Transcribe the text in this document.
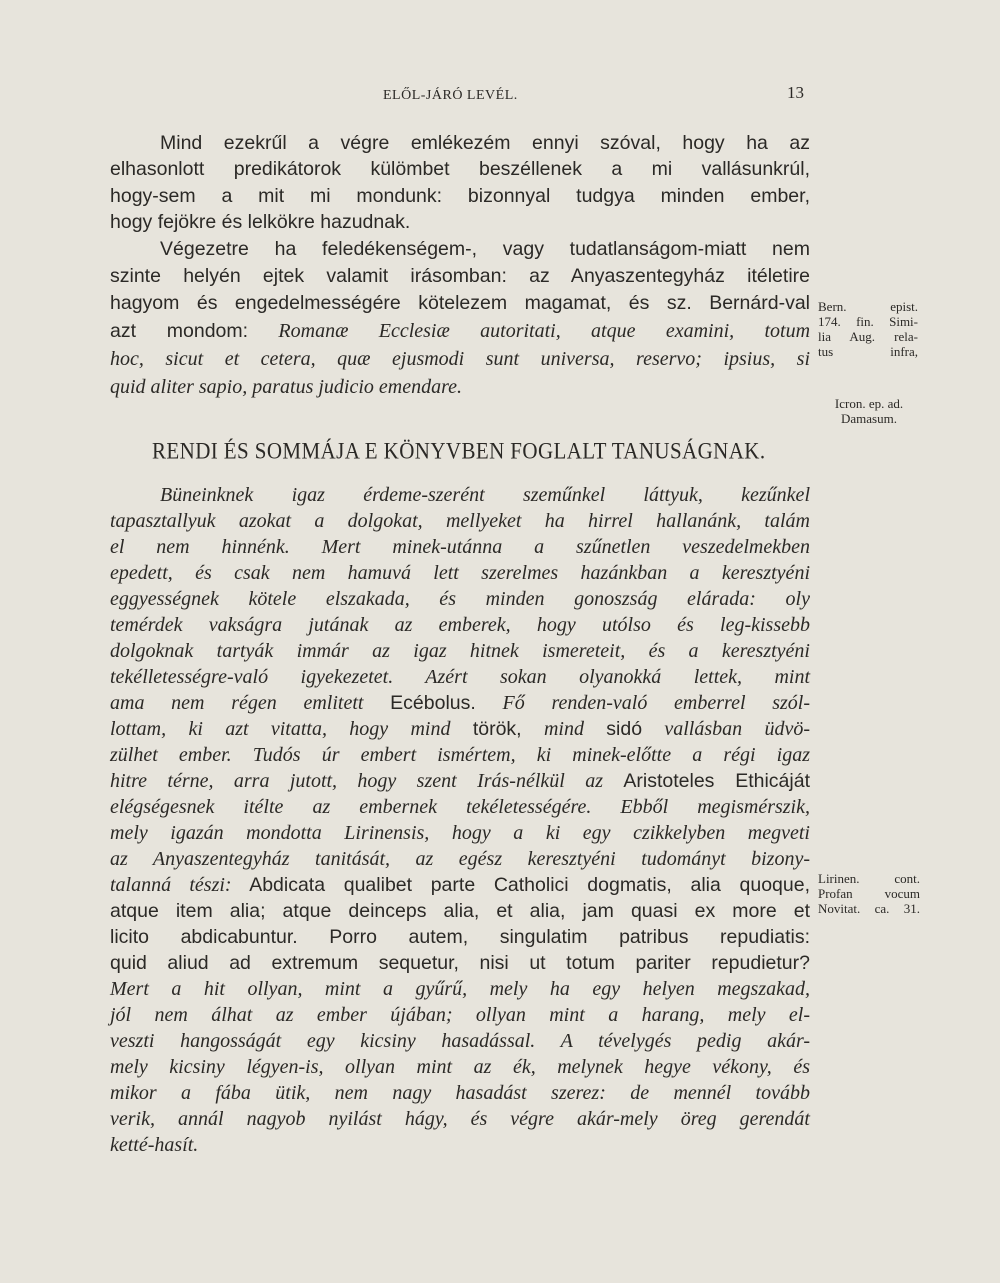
ELŐL-JÁRÓ LEVÉL.	13
Mind ezekrűl a végre emlékezém ennyi szóval, hogy ha az
elhasonlott predikátorok külömbet beszéllenek a mi vallásunkrúl,
hogy-sem a mit mi mondunk: bizonnyal tudgya minden ember,
hogy fejökre és lelkökre hazudnak.
Végezetre ha feledékenségem-, vagy tudatlanságom-miatt nem
szinte helyén ejtek valamit irásomban: az Anyaszentegyház itéletire
hagyom és engedelmességére kötelezem magamat, és sz. Bernárd-val
azt mondom: Romanæ Ecclesiæ autoritati, atque examini, totum
hoc, sicut et cetera, quæ ejusmodi sunt universa, reservo; ipsius, si
quid aliter sapio, paratus judicio emendare.
RENDI ÉS SOMMÁJA E KÖNYVBEN FOGLALT TANUSÁGNAK.
Büneinknek igaz érdeme-szerént szeműnkel láttyuk, kezűnkel
tapasztallyuk azokat a dolgokat, mellyeket ha hirrel hallanánk, talám
el nem hinnénk. Mert minek-utánna a szűnetlen veszedelmekben
epedett, és csak nem hamuvá lett szerelmes hazánkban a keresztyéni
eggyességnek kötele elszakada, és minden gonoszság elárada: oly
temérdek vakságra jutának az emberek, hogy utólso és leg-kissebb
dolgoknak tartyák immár az igaz hitnek ismereteit, és a keresztyéni
tekélletességre-való igyekezetet. Azért sokan olyanokká lettek, mint
ama nem régen emlitett Ecébolus. Fő renden-való emberrel szól-
lottam, ki azt vitatta, hogy mind török, mind sidó vallásban üdvö-
zülhet ember. Tudós úr embert ismértem, ki minek-előtte a régi igaz
hitre térne, arra jutott, hogy szent Irás-nélkül az Aristoteles Ethicáját
elégségesnek itélte az embernek tekéletességére. Ebből megismérszik,
mely igazán mondotta Lirinensis, hogy a ki egy czikkelyben megveti
az Anyaszentegyház tanitását, az egész keresztyéni tudományt bizony-
talanná tészi: Abdicata qualibet parte Catholici dogmatis, alia quoque,
atque item alia; atque deinceps alia, et alia, jam quasi ex more et
licito abdicabuntur. Porro autem, singulatim patribus repudiatis:
quid aliud ad extremum sequetur, nisi ut totum pariter repudietur?
Mert a hit ollyan, mint a gyűrű, mely ha egy helyen megszakad,
jól nem álhat az ember újában; ollyan mint a harang, mely el-
veszti hangosságát egy kicsiny hasadással. A tévelygés pedig akár-
mely kicsiny légyen-is, ollyan mint az ék, melynek hegye vékony, és
mikor a fába ütik, nem nagy hasadást szerez: de mennél tovább
verik, annál nagyob nyilást hágy, és végre akár-mely öreg gerendát
ketté-hasít.
Bern. epist.
174. fin. Simi-
lia Aug. rela-
tus infra,
Icron. ep. ad.
Damasum.
Lirinen. cont.
Profan vocum
Novitat. ca. 31.
